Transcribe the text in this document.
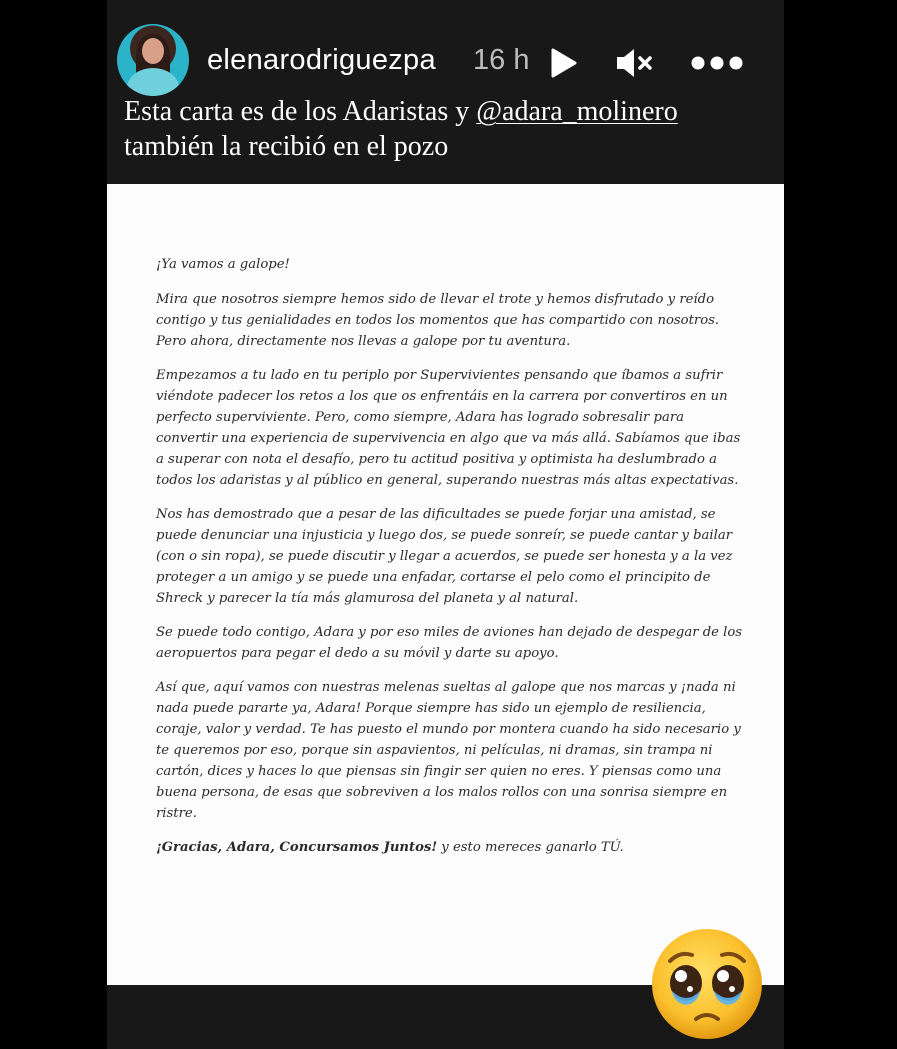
elenarodriguezpa 16 h
Esta carta es de los Adaristas y @adara_molinero
también la recibió en el pozo

¡Ya vamos a galope!

Mira que nosotros siempre hemos sido de llevar el trote y hemos disfrutado y reído contigo y tus genialidades en todos los momentos que has compartido con nosotros. Pero ahora, directamente nos llevas a galope por tu aventura.

Empezamos a tu lado en tu periplo por Supervivientes pensando que íbamos a sufrir viéndote padecer los retos a los que os enfrentáis en la carrera por convertiros en un perfecto superviviente. Pero, como siempre, Adara has logrado sobresalir para convertir una experiencia de supervivencia en algo que va más allá. Sabíamos que ibas a superar con nota el desafío, pero tu actitud positiva y optimista ha deslumbrado a todos los adaristas y al público en general, superando nuestras más altas expectativas.

Nos has demostrado que a pesar de las dificultades se puede forjar una amistad, se puede denunciar una injusticia y luego dos, se puede sonreír, se puede cantar y bailar (con o sin ropa), se puede discutir y llegar a acuerdos, se puede ser honesta y a la vez proteger a un amigo y se puede una enfadar, cortarse el pelo como el principito de Shreck y parecer la tía más glamurosa del planeta y al natural.

Se puede todo contigo, Adara y por eso miles de aviones han dejado de despegar de los aeropuertos para pegar el dedo a su móvil y darte su apoyo.

Así que, aquí vamos con nuestras melenas sueltas al galope que nos marcas y ¡nada ni nada puede pararte ya, Adara! Porque siempre has sido un ejemplo de resiliencia, coraje, valor y verdad. Te has puesto el mundo por montera cuando ha sido necesario y te queremos por eso, porque sin aspavientos, ni películas, ni dramas, sin trampa ni cartón, dices y haces lo que piensas sin fingir ser quien no eres. Y piensas como una buena persona, de esas que sobreviven a los malos rollos con una sonrisa siempre en ristre.

¡Gracias, Adara, Concursamos Juntos! y esto mereces ganarlo TÚ.
